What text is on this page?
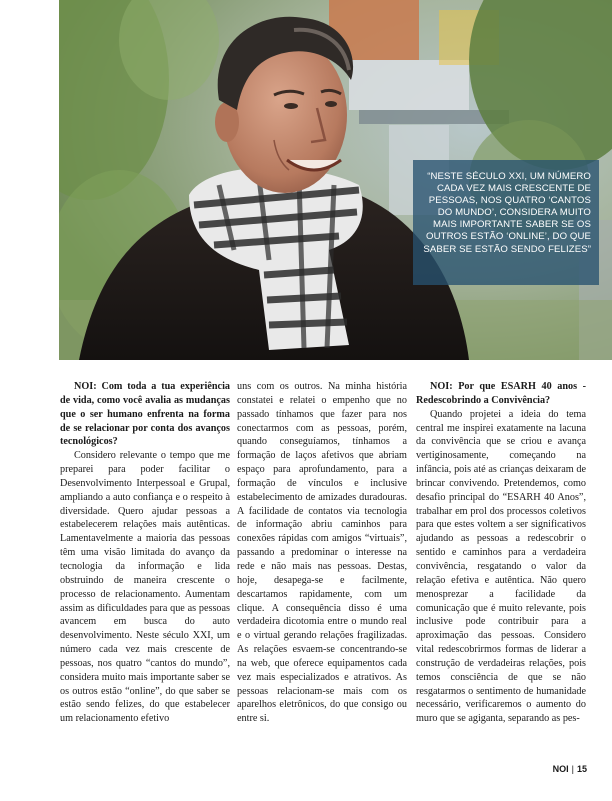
“NESTE SÉCULO XXI, UM NÚMERO CADA VEZ MAIS CRESCENTE DE PESSOAS, NOS QUATRO ‘CANTOS DO MUNDO’, CONSIDERA MUITO MAIS IMPORTANTE SABER SE OS OUTROS ESTÃO ‘ONLINE’, DO QUE SABER SE ESTÃO SENDO FELIZES”

NOI: Com toda a tua experiência de vida, como você avalia as mudanças que o ser humano enfrenta na forma de se relacionar por conta dos avanços tecnológicos?

Considero relevante o tempo que me preparei para poder facilitar o Desenvolvimento Interpessoal e Grupal, ampliando a auto confiança e o respeito à diversidade. Quero ajudar pessoas a estabelecerem relações mais autênticas. Lamentavelmente a maioria das pessoas têm uma visão limitada do avanço da tecnologia da informação e lida obstruindo de maneira crescente o processo de relacionamento. Aumentam assim as dificuldades para que as pessoas avancem em busca do auto desenvolvimento. Neste século XXI, um número cada vez mais crescente de pessoas, nos quatro “cantos do mundo”, considera muito mais importante saber se os outros estão “online”, do que saber se estão sendo felizes, do que estabelecer um relacionamento efetivo

uns com os outros. Na minha história constatei e relatei o empenho que no passado tínhamos que fazer para nos conectarmos com as pessoas, porém, quando conseguíamos, tínhamos a formação de laços afetivos que abriam espaço para aprofundamento, para a formação de vínculos e inclusive estabelecimento de amizades duradouras. A facilidade de contatos via tecnologia de informação abriu caminhos para conexões rápidas com amigos “virtuais”, passando a predominar o interesse na rede e não mais nas pessoas. Destas, hoje, desapega-se e facilmente, descartamos rapidamente, com um clique. A consequência disso é uma verdadeira dicotomia entre o mundo real e o virtual gerando relações fragilizadas. As relações esvaem-se concentrando-se na web, que oferece equipamentos cada vez mais especializados e atrativos. As pessoas relacionam-se mais com os aparelhos eletrônicos, do que consigo ou entre si.

NOI: Por que ESARH 40 anos - Redescobrindo a Convivência?

Quando projetei a ideia do tema central me inspirei exatamente na lacuna da convivência que se criou e avança vertiginosamente, começando na infância, pois até as crianças deixaram de brincar convivendo. Pretendemos, como desafio principal do “ESARH 40 Anos”, trabalhar em prol dos processos coletivos para que estes voltem a ser significativos ajudando as pessoas a redescobrir o sentido e caminhos para a verdadeira convivência, resgatando o valor da relação efetiva e autêntica. Não quero menosprezar a facilidade da comunicação que é muito relevante, pois inclusive pode contribuir para a aproximação das pessoas. Considero vital redescobrirmos formas de liderar a construção de verdadeiras relações, pois temos consciência de que se não resgatarmos o sentimento de humanidade necessário, verificaremos o aumento do muro que se agiganta, separando as pes-

NOI | 15
